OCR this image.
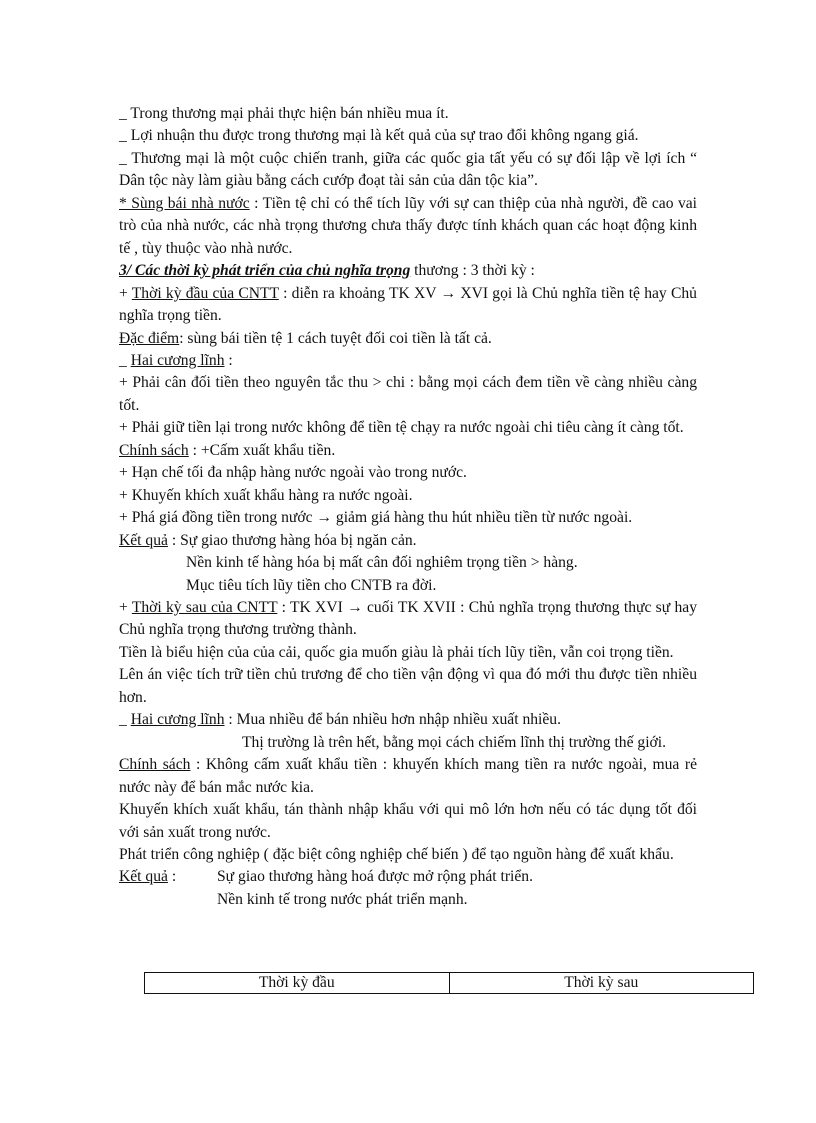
_ Trong thương mại phải thực hiện bán nhiều mua ít.

_ Lợi nhuận thu được trong thương mại là kết quả của sự trao đổi không ngang giá.

_ Thương mại là một cuộc chiến tranh, giữa các quốc gia tất yếu có sự đối lập về lợi ích “ Dân tộc này làm giàu bằng cách cướp đoạt tài sản của dân tộc kia”.

* Sùng bái nhà nước : Tiền tệ chỉ có thể tích lũy với sự can thiệp của nhà người, đề cao vai trò của nhà nước, các nhà trọng thương chưa thấy được tính khách quan các hoạt động kinh tế , tùy thuộc vào nhà nước.

3/ Các thời kỳ phát triển của chủ nghĩa trọng thương : 3 thời kỳ :

+ Thời kỳ đầu của CNTT : diễn ra khoảng TK XV → XVI gọi là Chủ nghĩa tiền tệ hay Chủ nghĩa trọng tiền.

Đặc điểm: sùng bái tiền tệ 1 cách tuyệt đối coi tiền là tất cả.

_ Hai cương lĩnh :

+ Phải cân đối tiền theo nguyên tắc thu > chi : bằng mọi cách đem tiền về càng nhiều càng tốt.

+ Phải giữ tiền lại trong nước không để tiền tệ chạy ra nước ngoài chi tiêu càng ít càng tốt.

Chính sách : +Cấm xuất khẩu tiền.

+ Hạn chế tối đa nhập hàng nước ngoài vào trong nước.

+ Khuyến khích xuất khẩu hàng ra nước ngoài.

+ Phá giá đồng tiền trong nước → giảm giá hàng thu hút nhiều tiền từ nước ngoài.

Kết quả : Sự giao thương hàng hóa bị ngăn cản.

Nền kinh tế hàng hóa bị mất cân đối nghiêm trọng tiền > hàng.

Mục tiêu tích lũy tiền cho CNTB ra đời.

+ Thời kỳ sau của CNTT : TK XVI → cuối TK XVII : Chủ nghĩa trọng thương thực sự hay Chủ nghĩa trọng thương trường thành.

Tiền là biểu hiện của của cải, quốc gia muốn giàu là phải tích lũy tiền, vẫn coi trọng tiền.

Lên án việc tích trữ tiền chủ trương để cho tiền vận động vì qua đó mới thu được tiền nhiều hơn.

_ Hai cương lĩnh : Mua nhiều để bán nhiều hơn nhập nhiều xuất nhiều.

Thị trường là trên hết, bằng mọi cách chiếm lĩnh thị trường thế giới.

Chính sách : Không cấm xuất khẩu tiền : khuyến khích mang tiền ra nước ngoài, mua rẻ nước này để bán mắc nước kia.

Khuyến khích xuất khẩu, tán thành nhập khẩu với qui mô lớn hơn nếu có tác dụng tốt đối với sản xuất trong nước.

Phát triển công nghiệp ( đặc biệt công nghiệp chế biến ) để tạo nguồn hàng để xuất khẩu.

Kết quả :	Sự giao thương hàng hoá được mở rộng phát triển.

Nền kinh tế trong nước phát triển mạnh.

Thời kỳ đầu	Thời kỳ sau
